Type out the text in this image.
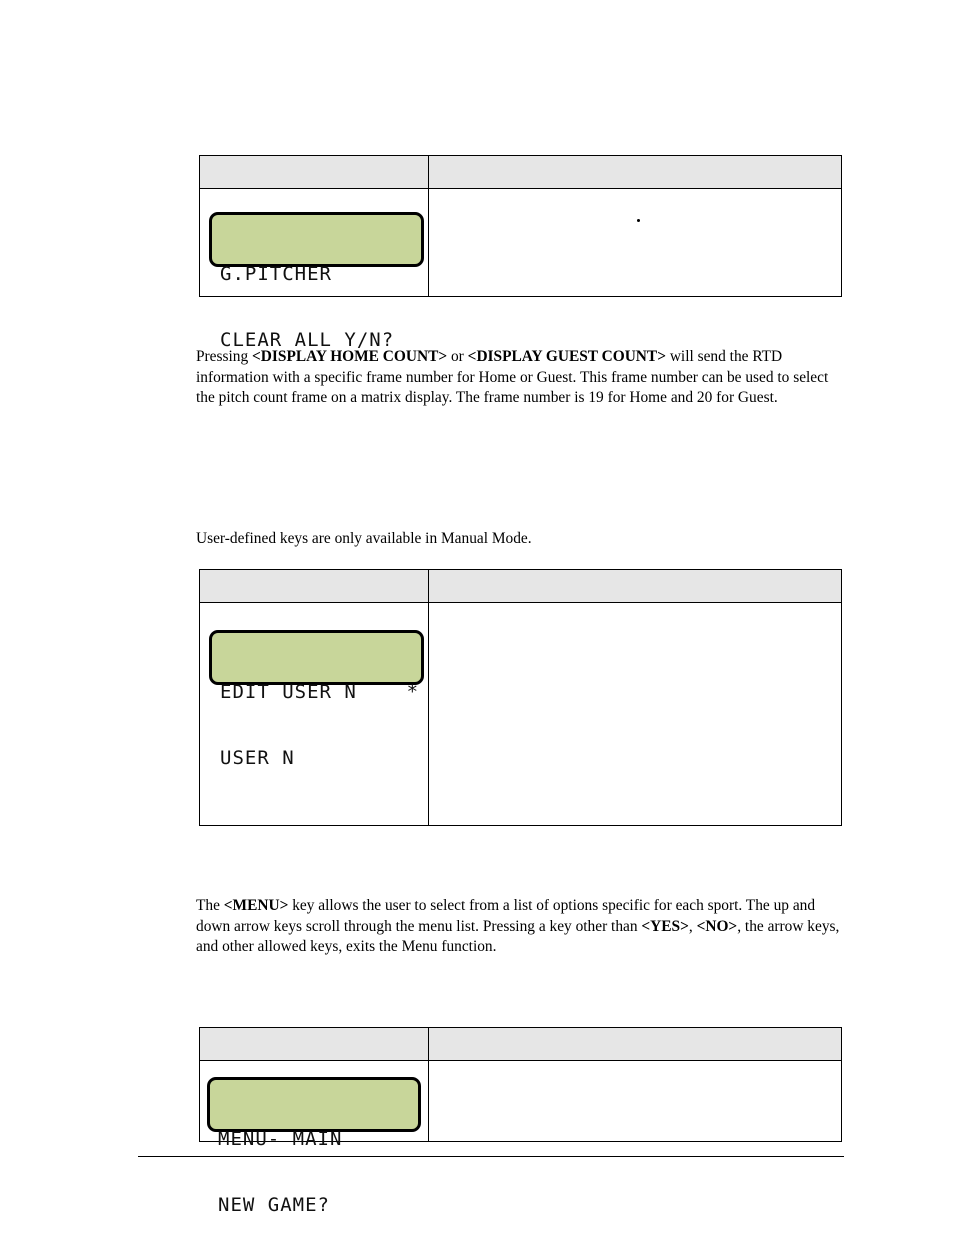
G.PITCHER

CLEAR ALL Y/N?

Pressing <DISPLAY HOME COUNT> or <DISPLAY GUEST COUNT> will send the RTD information with a specific frame number for Home or Guest. This frame number can be used to select the pitch count frame on a matrix display. The frame number is 19 for Home and 20 for Guest.
User-defined keys are only available in Manual Mode.

EDIT USER N    *

USER N

The <MENU> key allows the user to select from a list of options specific for each sport. The up and down arrow keys scroll through the menu list. Pressing a key other than <YES>, <NO>, the arrow keys, and other allowed keys, exits the Menu function.

MENU- MAIN

NEW GAME?
